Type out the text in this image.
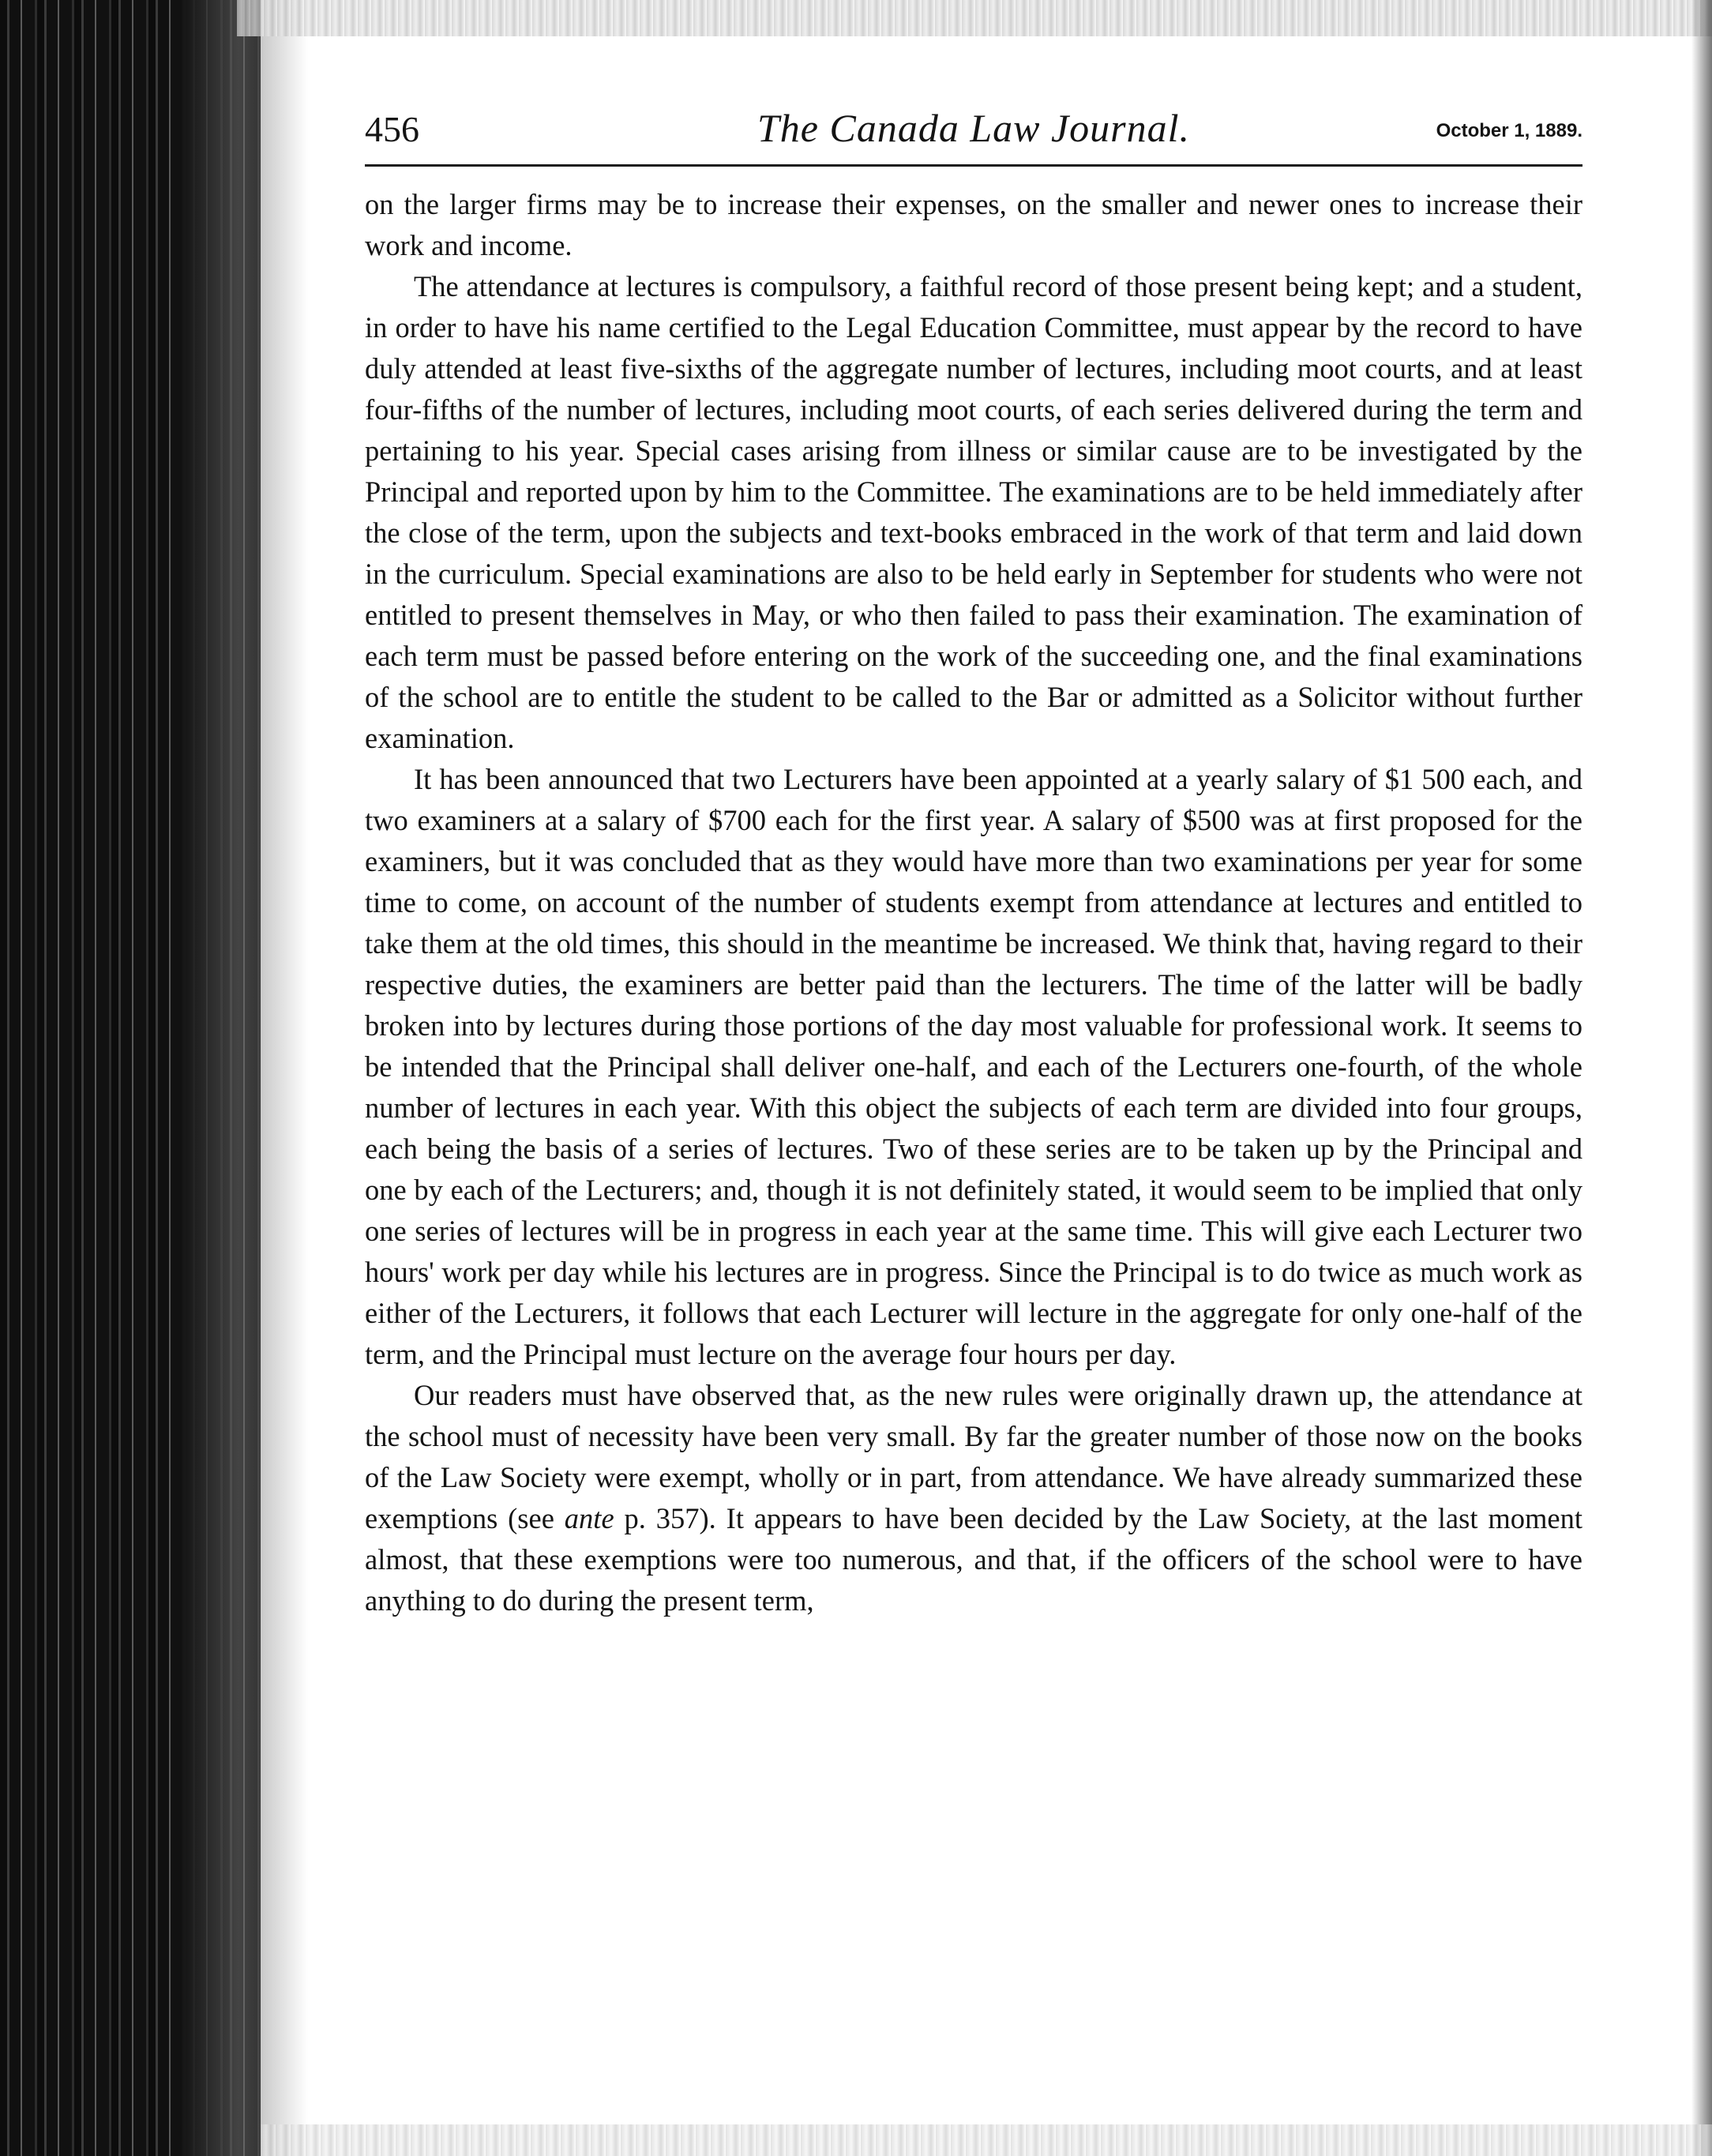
456	The Canada Law Journal.	October 1, 1889.

on the larger firms may be to increase their expenses, on the smaller and newer ones to increase their work and income.

The attendance at lectures is compulsory, a faithful record of those present being kept; and a student, in order to have his name certified to the Legal Education Committee, must appear by the record to have duly attended at least five-sixths of the aggregate number of lectures, including moot courts, and at least four-fifths of the number of lectures, including moot courts, of each series delivered during the term and pertaining to his year. Special cases arising from illness or similar cause are to be investigated by the Principal and reported upon by him to the Committee. The examinations are to be held immediately after the close of the term, upon the subjects and text-books embraced in the work of that term and laid down in the curriculum. Special examinations are also to be held early in September for students who were not entitled to present themselves in May, or who then failed to pass their examination. The examination of each term must be passed before entering on the work of the succeeding one, and the final examinations of the school are to entitle the student to be called to the Bar or admitted as a Solicitor without further examination.

It has been announced that two Lecturers have been appointed at a yearly salary of $1 500 each, and two examiners at a salary of $700 each for the first year. A salary of $500 was at first proposed for the examiners, but it was concluded that as they would have more than two examinations per year for some time to come, on account of the number of students exempt from attendance at lectures and entitled to take them at the old times, this should in the meantime be increased. We think that, having regard to their respective duties, the examiners are better paid than the lecturers. The time of the latter will be badly broken into by lectures during those portions of the day most valuable for professional work. It seems to be intended that the Principal shall deliver one-half, and each of the Lecturers one-fourth, of the whole number of lectures in each year. With this object the subjects of each term are divided into four groups, each being the basis of a series of lectures. Two of these series are to be taken up by the Principal and one by each of the Lecturers; and, though it is not definitely stated, it would seem to be implied that only one series of lectures will be in progress in each year at the same time. This will give each Lecturer two hours' work per day while his lectures are in progress. Since the Principal is to do twice as much work as either of the Lecturers, it follows that each Lecturer will lecture in the aggregate for only one-half of the term, and the Principal must lecture on the average four hours per day.

Our readers must have observed that, as the new rules were originally drawn up, the attendance at the school must of necessity have been very small. By far the greater number of those now on the books of the Law Society were exempt, wholly or in part, from attendance. We have already summarized these exemptions (see ante p. 357). It appears to have been decided by the Law Society, at the last moment almost, that these exemptions were too numerous, and that, if the officers of the school were to have anything to do during the present term,
